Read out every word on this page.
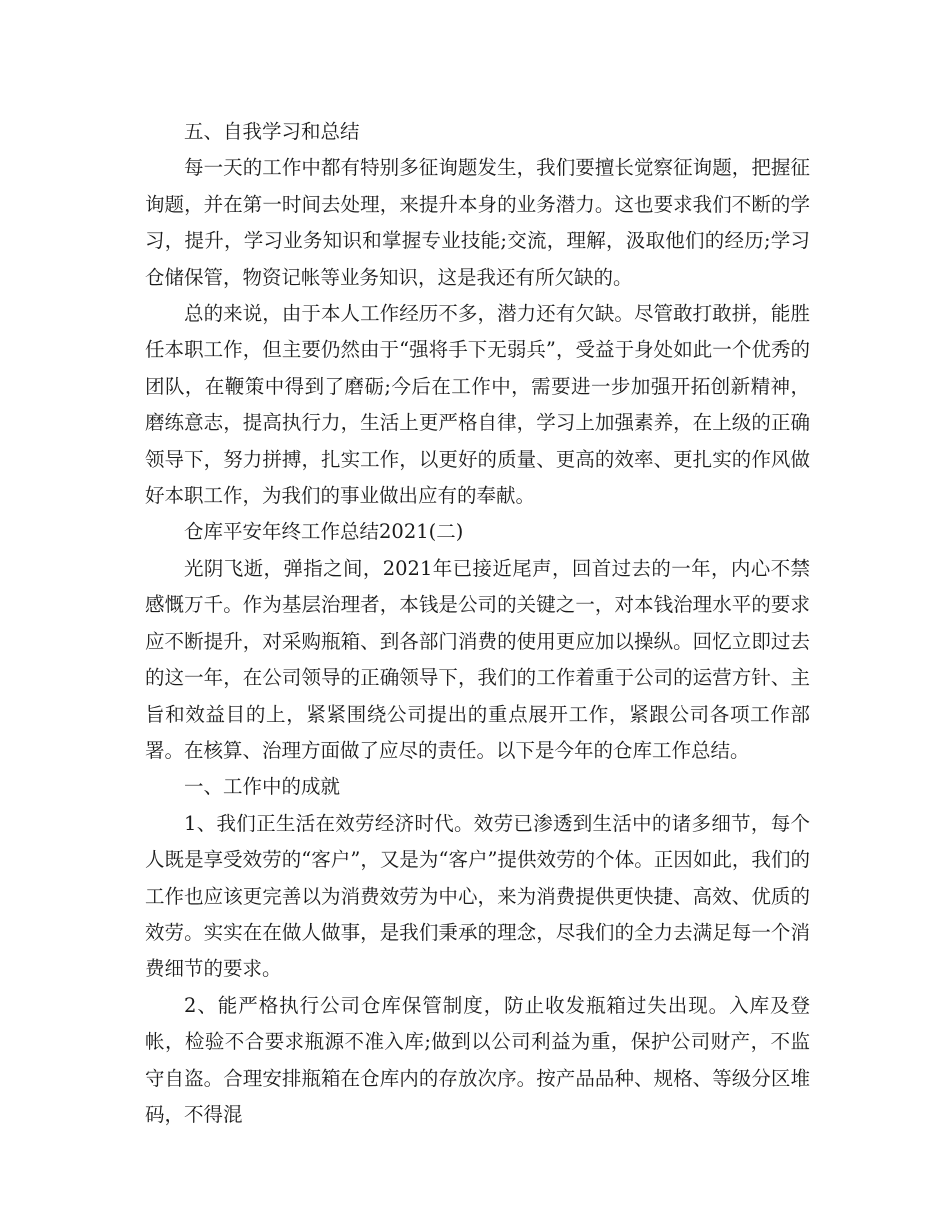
五、自我学习和总结

每一天的工作中都有特别多征询题发生，我们要擅长觉察征询题，把握征询题，并在第一时间去处理，来提升本身的业务潜力。这也要求我们不断的学习，提升，学习业务知识和掌握专业技能;交流，理解，汲取他们的经历;学习仓储保管，物资记帐等业务知识，这是我还有所欠缺的。

总的来说，由于本人工作经历不多，潜力还有欠缺。尽管敢打敢拼，能胜任本职工作，但主要仍然由于“强将手下无弱兵”，受益于身处如此一个优秀的团队，在鞭策中得到了磨砺;今后在工作中，需要进一步加强开拓创新精神，磨练意志，提高执行力，生活上更严格自律，学习上加强素养，在上级的正确领导下，努力拼搏，扎实工作，以更好的质量、更高的效率、更扎实的作风做好本职工作，为我们的事业做出应有的奉献。

仓库平安年终工作总结2021(二)

光阴飞逝，弹指之间，2021年已接近尾声，回首过去的一年，内心不禁感慨万千。作为基层治理者，本钱是公司的关键之一，对本钱治理水平的要求应不断提升，对采购瓶箱、到各部门消费的使用更应加以操纵。回忆立即过去的这一年，在公司领导的正确领导下，我们的工作着重于公司的运营方针、主旨和效益目的上，紧紧围绕公司提出的重点展开工作，紧跟公司各项工作部署。在核算、治理方面做了应尽的责任。以下是今年的仓库工作总结。

一、工作中的成就

1、我们正生活在效劳经济时代。效劳已渗透到生活中的诸多细节，每个人既是享受效劳的“客户”，又是为“客户”提供效劳的个体。正因如此，我们的工作也应该更完善以为消费效劳为中心，来为消费提供更快捷、高效、优质的效劳。实实在在做人做事，是我们秉承的理念，尽我们的全力去满足每一个消费细节的要求。

2、能严格执行公司仓库保管制度，防止收发瓶箱过失出现。入库及登帐，检验不合要求瓶源不准入库;做到以公司利益为重，保护公司财产，不监守自盗。合理安排瓶箱在仓库内的存放次序。按产品品种、规格、等级分区堆码，不得混
